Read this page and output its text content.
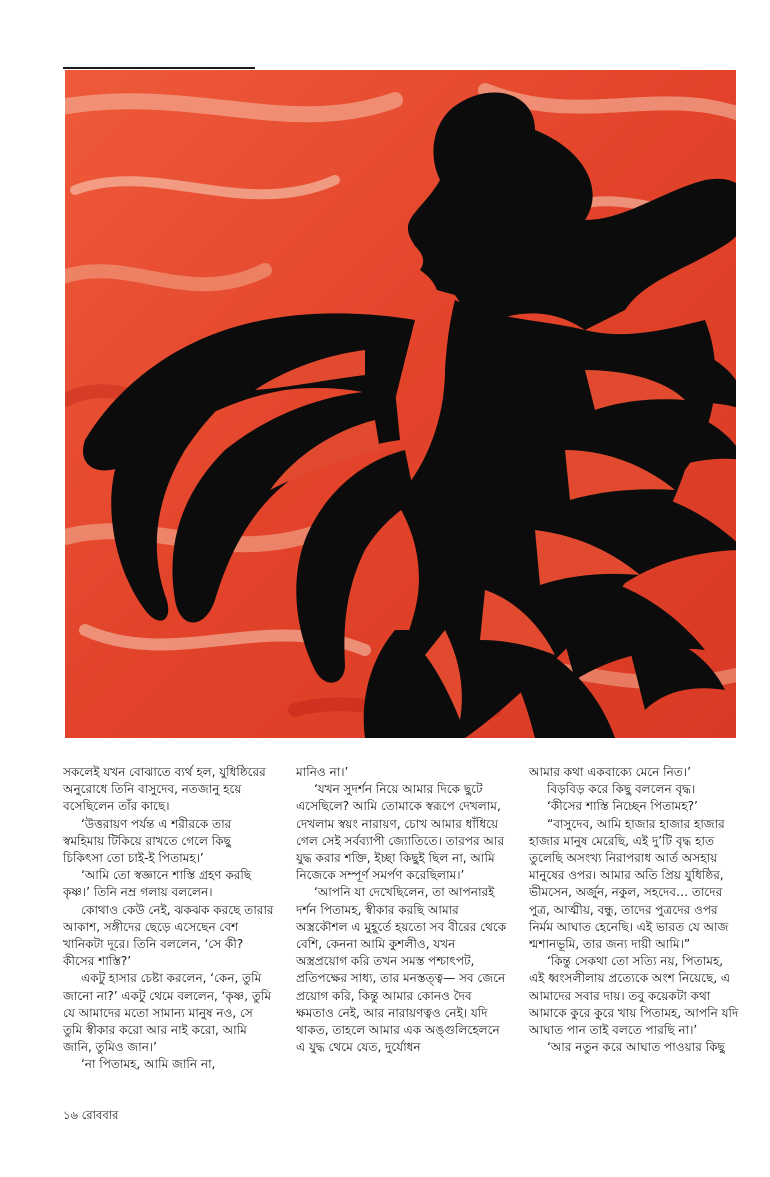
সকলেই যখন বোঝাতে ব্যর্থ হল, যুধিষ্ঠিরের অনুরোধে তিনি বাসুদেব, নতজানু হয়ে বসেছিলেন তাঁর কাছে।

‘উত্তরায়ণ পর্যন্ত এ শরীরকে তার স্বমহিমায় টিকিয়ে রাখতে গেলে কিছু চিকিৎসা তো চাই-ই পিতামহ।’

‘আমি তো স্বজ্ঞানে শাস্তি গ্রহণ করছি কৃষ্ণ।’ তিনি নম্র গলায় বললেন।

কোথাও কেউ নেই, ঝকঝক করছে তারার আকাশ, সঙ্গীদের ছেড়ে এসেছেন বেশ খানিকটা দূরে। তিনি বললেন, ‘সে কী? কীসের শাস্তি?’

একটু হাসার চেষ্টা করলেন, ‘কেন, তুমি জানো না?’ একটু থেমে বললেন, ‘কৃষ্ণ, তুমি যে আমাদের মতো সামান্য মানুষ নও, সে তুমি স্বীকার করো আর নাই করো, আমি জানি, তুমিও জান।’

‘না পিতামহ, আমি জানি না,

মানিও না।’

‘যখন সুদর্শন নিয়ে আমার দিকে ছুটে এসেছিলে? আমি তোমাকে স্বরূপে দেখলাম, দেখলাম স্বয়ং নারায়ণ, চোখ আমার ধাঁধিয়ে গেল সেই সর্বব্যাপী জ্যোতিতে। তারপর আর যুদ্ধ করার শক্তি, ইচ্ছা কিছুই ছিল না, আমি নিজেকে সম্পূর্ণ সমর্পণ করেছিলাম।’

‘আপনি যা দেখেছিলেন, তা আপনারই দর্শন পিতামহ, স্বীকার করছি আমার অস্ত্রকৌশল এ মুহূর্তে হয়তো সব বীরের থেকে বেশি, কেননা আমি কুশলীও, যখন অস্ত্রপ্রয়োগ করি তখন সমস্ত পশ্চাৎপট, প্রতিপক্ষের সাধ্য, তার মনস্তত্ত্ব— সব জেনে প্রয়োগ করি, কিন্তু আমার কোনও দৈব ক্ষমতাও নেই, আর নারায়ণত্বও নেই। যদি থাকত, তাহলে আমার এক অঙ্গুলিহেলনে এ যুদ্ধ থেমে যেত, দুর্যোধন

আমার কথা একবাক্যে মেনে নিত।’

বিড়বিড় করে কিছু বললেন বৃদ্ধ।

‘কীসের শাস্তি নিচ্ছেন পিতামহ?’

“বাসুদেব, আমি হাজার হাজার হাজার হাজার মানুষ মেরেছি, এই দু’টি বৃদ্ধ হাত তুলেছি অসংখ্য নিরাপরাধ আর্ত অসহায় মানুষের ওপর। আমার অতি প্রিয় যুধিষ্ঠির, ভীমসেন, অর্জুন, নকুল, সহদেব… তাদের পুত্র, আত্মীয়, বন্ধু, তাদের পুত্রদের ওপর নির্মম আঘাত হেনেছি। এই ভারত যে আজ শ্মশানভূমি, তার জন্য দায়ী আমি।”

‘কিন্তু সেকথা তো সত্যি নয়, পিতামহ, এই ধ্বংসলীলায় প্রত্যেকে অংশ নিয়েছে, এ আমাদের সবার দায়। তবু কয়েকটা কথা আমাকে কুরে কুরে খায় পিতামহ, আপনি যদি আঘাত পান তাই বলতে পারছি না।’

‘আর নতুন করে আঘাত পাওয়ার কিছু

১৬ রোববার
